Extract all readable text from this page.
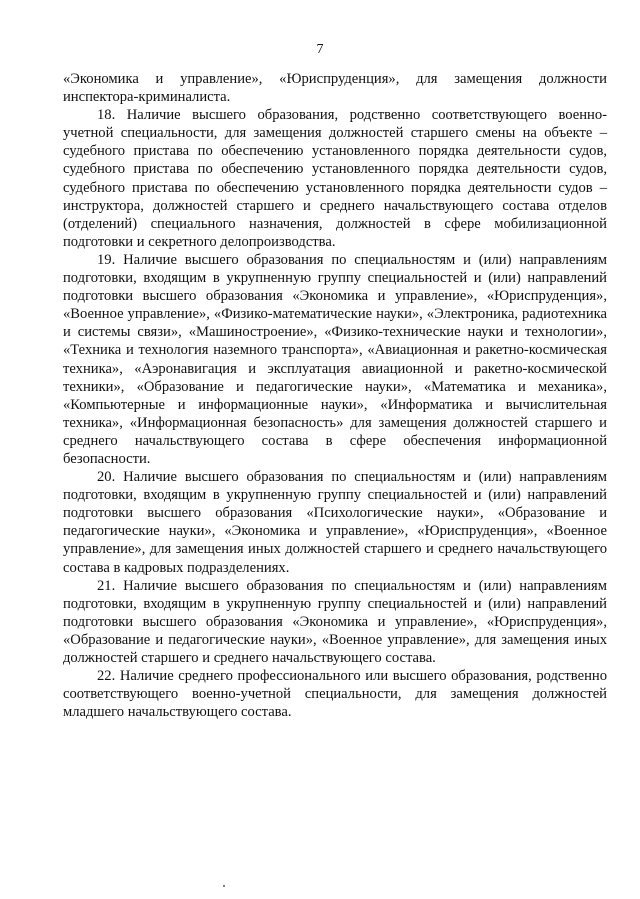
7

«Экономика и управление», «Юриспруденция», для замещения должности инспектора-криминалиста.

18. Наличие высшего образования, родственно соответствующего военно-учетной специальности, для замещения должностей старшего смены на объекте – судебного пристава по обеспечению установленного порядка деятельности судов, судебного пристава по обеспечению установленного порядка деятельности судов, судебного пристава по обеспечению установленного порядка деятельности судов – инструктора, должностей старшего и среднего начальствующего состава отделов (отделений) специального назначения, должностей в сфере мобилизационной подготовки и секретного делопроизводства.

19. Наличие высшего образования по специальностям и (или) направлениям подготовки, входящим в укрупненную группу специальностей и (или) направлений подготовки высшего образования «Экономика и управление», «Юриспруденция», «Военное управление», «Физико-математические науки», «Электроника, радиотехника и системы связи», «Машиностроение», «Физико-технические науки и технологии», «Техника и технология наземного транспорта», «Авиационная и ракетно-космическая техника», «Аэронавигация и эксплуатация авиационной и ракетно-космической техники», «Образование и педагогические науки», «Математика и механика», «Компьютерные и информационные науки», «Информатика и вычислительная техника», «Информационная безопасность» для замещения должностей старшего и среднего начальствующего состава в сфере обеспечения информационной безопасности.

20. Наличие высшего образования по специальностям и (или) направлениям подготовки, входящим в укрупненную группу специальностей и (или) направлений подготовки высшего образования «Психологические науки», «Образование и педагогические науки», «Экономика и управление», «Юриспруденция», «Военное управление», для замещения иных должностей старшего и среднего начальствующего состава в кадровых подразделениях.

21. Наличие высшего образования по специальностям и (или) направлениям подготовки, входящим в укрупненную группу специальностей и (или) направлений подготовки высшего образования «Экономика и управление», «Юриспруденция», «Образование и педагогические науки», «Военное управление», для замещения иных должностей старшего и среднего начальствующего состава.

22. Наличие среднего профессионального или высшего образования, родственно соответствующего военно-учетной специальности, для замещения должностей младшего начальствующего состава.
